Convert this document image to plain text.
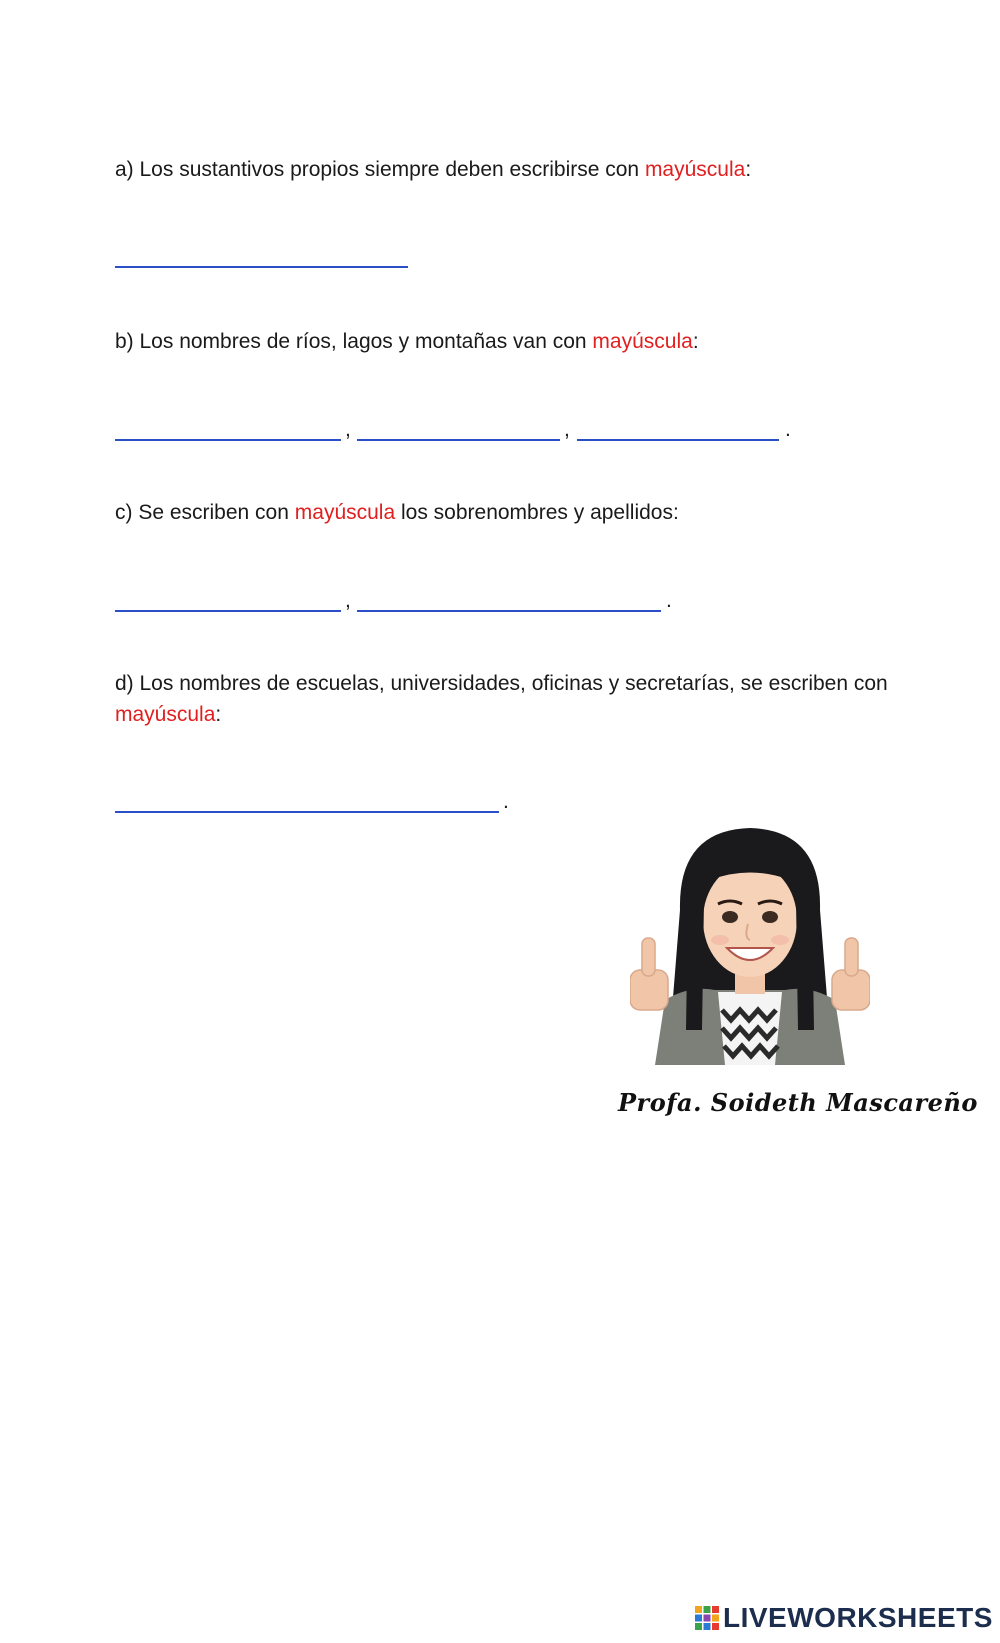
a) Los sustantivos propios siempre deben escribirse con mayúscula:
b) Los nombres de ríos, lagos y montañas van con mayúscula:
,	,	.
c) Se escriben con mayúscula los sobrenombres y apellidos:
,	.
d) Los nombres de escuelas, universidades, oficinas y secretarías, se escriben con
mayúscula:
.
Profa. Soideth Mascareño
LIVEWORKSHEETS
